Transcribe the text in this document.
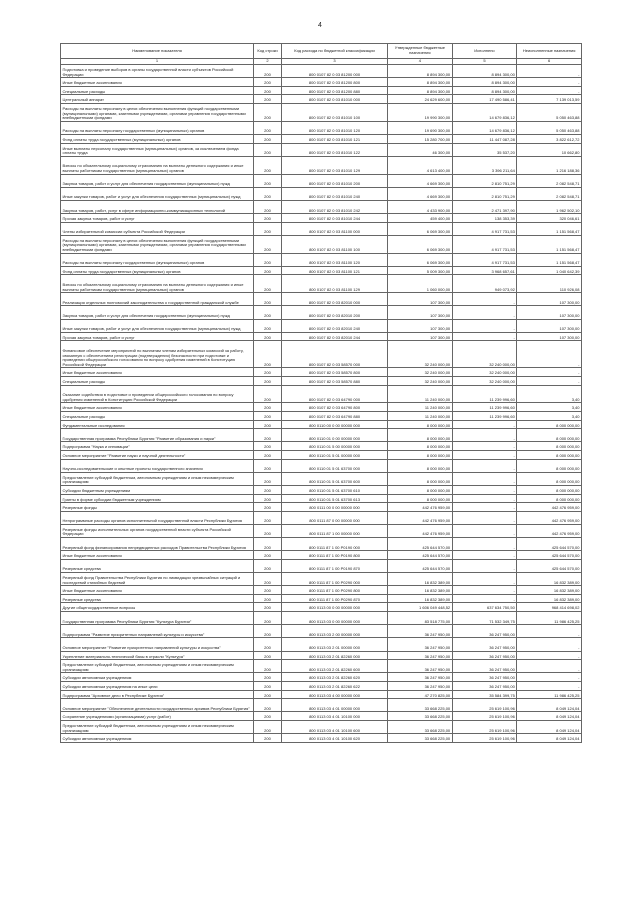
4
Наименование показателя	Код строки	Код расхода по бюджетной классификации	Утвержденные бюджетные назначения	Исполнено	Неисполненные назначения
1	2	3	4	5	6
Подготовка и проведение выборов в органы государственной власти субъектов Российской Федерации	200	800 0107 82 0 03 81200 000	8 894 300,00	8 894 300,00	-
Иные бюджетные ассигнования	200	800 0107 82 0 03 81200 800	8 894 300,00	8 894 300,00	-
Специальные расходы	200	800 0107 82 0 03 81200 880	8 894 300,00	8 894 300,00	-
Центральный аппарат	200	800 0107 82 0 03 81010 000	24 629 600,00	17 490 586,41	7 139 013,59
Расходы на выплаты персоналу в целях обеспечения выполнения функций государственными (муниципальными) органами, казенными учреждениями, органами управления государственными внебюджетными фондами	200	800 0107 82 0 03 81010 100	19 990 300,00	14 679 836,12	5 050 463,88
Расходы на выплаты персоналу государственных (муниципальных) органов	200	800 0107 82 0 03 81010 120	19 690 300,00	14 679 836,12	5 050 463,88
Фонд оплаты труда государственных (муниципальных) органов	200	800 0107 82 0 03 81010 121	15 280 700,00	11 447 087,28	3 822 612,72
Иные выплаты персоналу государственных (муниципальных) органов, за исключением фонда оплаты труда	200	800 0107 82 0 03 81010 122	46 300,00	35 537,20	10 662,80
Взносы по обязательному социальному страхованию на выплаты денежного содержания и иные выплаты работникам государственных (муниципальных) органов	200	800 0107 82 0 03 81010 129	4 613 400,00	3 396 211,64	1 216 188,36
Закупка товаров, работ и услуг для обеспечения государственных (муниципальных) нужд	200	800 0107 82 0 03 81010 200	4 669 300,00	2 810 751,29	2 082 548,71
Иные закупки товаров, работ и услуг для обеспечения государственных (муниципальных) нужд	200	800 0107 82 0 03 81010 240	4 669 300,00	2 810 751,29	2 082 548,71
Закупка товаров, работ, услуг в сфере информационно-коммуникационных технологий	200	800 0107 82 0 03 81010 242	4 433 900,00	2 471 397,90	1 962 502,10
Прочая закупка товаров, работ и услуг	200	800 0107 82 0 03 81010 244	459 400,00	138 353,39	320 046,61
Члены избирательной комиссии субъекта Российской Федерации	200	800 0107 82 0 03 81100 000	6 069 300,00	4 917 731,53	1 151 568,47
Расходы на выплаты персоналу в целях обеспечения выполнения функций государственными (муниципальными) органами, казенными учреждениями, органами управления государственными внебюджетными фондами	200	800 0107 82 0 03 81100 100	6 069 300,00	4 917 731,53	1 151 568,47
Расходы на выплаты персоналу государственных (муниципальных) органов	200	800 0107 82 0 03 81100 120	6 069 300,00	4 917 731,53	1 151 568,47
Фонд оплаты труда государственных (муниципальных) органов	200	800 0107 82 0 03 81100 121	5 009 300,00	3 968 657,61	1 040 642,39
Взносы по обязательному социальному страхованию на выплаты денежного содержания и иные выплаты работникам государственных (муниципальных) органов	200	800 0107 82 0 03 81100 129	1 060 000,00	949 073,92	110 926,08
Реализация отдельных полномочий законодательства о государственной гражданской службе	200	800 0107 82 0 03 82010 000	107 300,00	-	107 300,00
Закупка товаров, работ и услуг для обеспечения государственных (муниципальных) нужд	200	800 0107 82 0 03 82010 200	107 300,00	-	107 300,00
Иные закупки товаров, работ и услуг для обеспечения государственных (муниципальных) нужд	200	800 0107 82 0 03 82010 240	107 300,00	-	107 300,00
Прочая закупка товаров, работ и услуг	200	800 0107 82 0 03 82010 244	107 300,00	-	107 300,00
Финансовое обеспечение мероприятий по выплатам членам избирательных комиссий за работу, связанную с обеспечением регистрации (подтверждения) безопасности при подготовке и проведении общероссийского голосования по вопросу одобрения изменений в Конституцию Российской Федерации	200	800 0107 82 0 03 58570 000	32 240 000,00	32 240 000,00	-
Иные бюджетные ассигнования	200	800 0107 82 0 03 58570 800	32 240 000,00	32 240 000,00	-
Специальные расходы	200	800 0107 82 0 03 58570 880	32 240 000,00	32 240 000,00	-
Оказание содействия в подготовке и проведении общероссийского голосования по вопросу одобрения изменений в Конституцию Российской Федерации	200	800 0107 82 0 03 64790 000	11 240 000,00	11 239 996,60	3,40
Иные бюджетные ассигнования	200	800 0107 82 0 03 64790 800	11 240 000,00	11 239 996,60	3,40
Специальные расходы	200	800 0107 82 0 03 64790 880	11 240 000,00	11 239 996,60	3,40
Фундаментальные исследования	200	800 0110 00 0 00 00000 000	8 000 000,00	-	8 000 000,00
Государственная программа Республики Бурятия "Развитие образования и науки"	200	800 0110 01 0 00 00000 000	8 000 000,00	-	8 000 000,00
Подпрограмма "Наука и инновации"	200	800 0110 01 5 00 00000 000	8 000 000,00	-	8 000 000,00
Основное мероприятие "Развитие науки и научной деятельности"	200	800 0110 01 5 01 00000 000	8 000 000,00	-	8 000 000,00
Научно-исследовательские и опытные проекты государственного значения	200	800 0110 01 5 01 63700 000	8 000 000,00	-	8 000 000,00
Предоставление субсидий бюджетным, автономным учреждениям и иным некоммерческим организациям	200	800 0110 01 5 01 63700 600	8 000 000,00	-	8 000 000,00
Субсидии бюджетным учреждениям	200	800 0110 01 5 01 63700 610	8 000 000,00	-	8 000 000,00
Гранты в форме субсидии бюджетным учреждениям	200	800 0110 01 5 01 63700 613	8 000 000,00	-	8 000 000,00
Резервные фонды	200	800 0111 00 0 00 00000 000	442 476 959,00	-	442 476 959,00
Непрограммные расходы органов исполнительной государственной власти Республики Бурятия	200	800 0111 87 0 00 00000 000	442 476 959,00	-	442 476 959,00
Резервные фонды исполнительных органов государственной власти субъекта Российской Федерации	200	800 0111 87 1 00 00000 000	442 476 959,00	-	442 476 959,00
Резервный фонд финансирования непредвиденных расходов Правительства Республики Бурятия	200	800 0111 87 1 00 P0190 000	425 644 570,00	-	425 644 570,00
Иные бюджетные ассигнования	200	800 0111 87 1 00 P0190 800	425 644 570,00	-	425 644 570,00
Резервные средства	200	800 0111 87 1 00 P0190 870	425 644 570,00	-	425 644 570,00
Резервный фонд Правительства Республики Бурятия по ликвидации чрезвычайных ситуаций и последствий стихийных бедствий	200	800 0111 87 1 00 P0290 000	16 832 389,00	-	16 832 389,00
Иные бюджетные ассигнования	200	800 0111 87 1 00 P0290 800	16 832 389,00	-	16 832 389,00
Резервные средства	200	800 0111 87 1 00 P0290 870	16 832 389,00	-	16 832 389,00
Другие общегосударственные вопросы	200	800 0113 00 0 00 00000 000	1 606 049 448,52	637 634 750,50	968 414 698,02
Государственная программа Республики Бурятия "Культура Бурятии"	200	800 0113 03 0 00 00000 000	83 518 775,00	71 532 349,75	11 986 425,25
Подпрограмма "Развитие приоритетных направлений культуры и искусства"	200	800 0113 03 2 00 00000 000	36 247 950,00	36 247 950,00	-
Основное мероприятие "Развитие приоритетных направлений культуры и искусства"	200	800 0113 03 2 01 00000 000	36 247 950,00	36 247 950,00	-
Укрепление материально-технической базы в отрасли "Культура"	200	800 0113 03 2 01 82260 000	36 247 950,00	36 247 950,00	-
Предоставление субсидий бюджетным, автономным учреждениям и иным некоммерческим организациям	200	800 0113 03 2 01 82260 600	36 247 950,00	36 247 950,00	-
Субсидии автономным учреждениям	200	800 0113 03 2 01 82260 620	36 247 950,00	36 247 950,00	-
Субсидии автономным учреждениям на иные цели	200	800 0113 03 2 01 82260 622	36 247 950,00	36 247 950,00	-
Подпрограмма "Архивное дело в Республике Бурятия"	200	800 0113 03 4 00 00000 000	47 270 825,00	35 584 399,75	11 986 425,25
Основное мероприятие "Обеспечение деятельности государственных архивов Республики Бурятия"	200	800 0113 03 4 01 00000 000	33 668 225,00	25 619 100,96	8 049 124,04
Сохранение учреждениями (организациями) услуг (работ)	200	800 0113 03 4 01 10100 000	33 668 225,00	25 619 100,96	8 049 124,04
Предоставление субсидий бюджетным, автономным учреждениям и иным некоммерческим организациям	200	800 0113 03 4 01 10100 600	33 668 225,00	25 619 100,96	8 049 124,04
Субсидии автономным учреждениям	200	800 0113 03 4 01 10100 620	33 668 225,00	25 619 100,96	8 049 124,04
